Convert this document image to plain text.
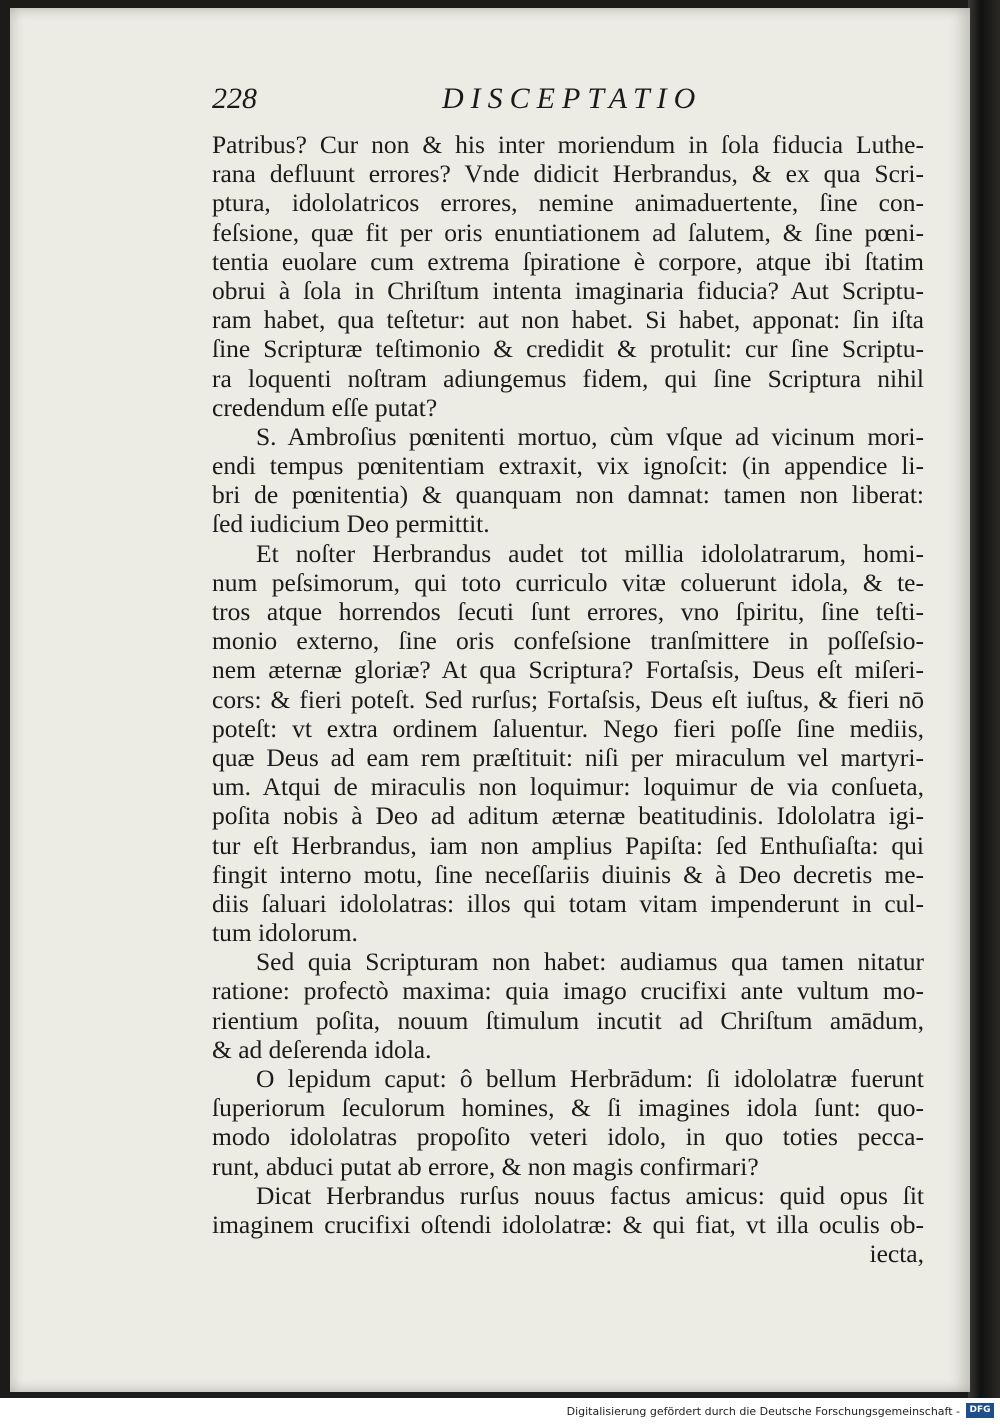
228	DISCEPTATIO
Patribus? Cur non & his inter moriendum in ſola fiducia Luthe-
rana defluunt errores? Vnde didicit Herbrandus, & ex qua Scri-
ptura, idololatricos errores, nemine animaduertente, ſine con-
feſsione, quæ fit per oris enuntiationem ad ſalutem, & ſine pœni-
tentia euolare cum extrema ſpiratione è corpore, atque ibi ſtatim
obrui à ſola in Chriſtum intenta imaginaria fiducia? Aut Scriptu-
ram habet, qua teſtetur: aut non habet. Si habet, apponat: ſin iſta
ſine Scripturæ teſtimonio & credidit & protulit: cur ſine Scriptu-
ra loquenti noſtram adiungemus fidem, qui ſine Scriptura nihil
credendum eſſe putat?
S. Ambroſius pœnitenti mortuo, cùm vſque ad vicinum mori-
endi tempus pœnitentiam extraxit, vix ignoſcit: (in appendice li-
bri de pœnitentia) & quanquam non damnat: tamen non liberat:
ſed iudicium Deo permittit.
Et noſter Herbrandus audet tot millia idololatrarum, homi-
num peſsimorum, qui toto curriculo vitæ coluerunt idola, & te-
tros atque horrendos ſecuti ſunt errores, vno ſpiritu, ſine teſti-
monio externo, ſine oris confeſsione tranſmittere in poſſeſsio-
nem æternæ gloriæ? At qua Scriptura? Fortaſsis, Deus eſt miſeri-
cors: & fieri poteſt. Sed rurſus; Fortaſsis, Deus eſt iuſtus, & fieri nō
poteſt: vt extra ordinem ſaluentur. Nego fieri poſſe ſine mediis,
quæ Deus ad eam rem præſtituit: niſi per miraculum vel martyri-
um. Atqui de miraculis non loquimur: loquimur de via conſueta,
poſita nobis à Deo ad aditum æternæ beatitudinis. Idololatra igi-
tur eſt Herbrandus, iam non amplius Papiſta: ſed Enthuſiaſta: qui
fingit interno motu, ſine neceſſariis diuinis & à Deo decretis me-
diis ſaluari idololatras: illos qui totam vitam impenderunt in cul-
tum idolorum.
Sed quia Scripturam non habet: audiamus qua tamen nitatur
ratione: profectò maxima: quia imago crucifixi ante vultum mo-
rientium poſita, nouum ſtimulum incutit ad Chriſtum amādum,
& ad deſerenda idola.
O lepidum caput: ô bellum Herbrādum: ſi idololatræ fuerunt
ſuperiorum ſeculorum homines, & ſi imagines idola ſunt: quo-
modo idololatras propoſito veteri idolo, in quo toties pecca-
runt, abduci putat ab errore, & non magis confirmari?
Dicat Herbrandus rurſus nouus factus amicus: quid opus ſit
imaginem crucifixi oſtendi idololatræ: & qui fiat, vt illa oculis ob-
iecta,
Digitalisierung gefördert durch die Deutsche Forschungsgemeinschaft -	DFG
